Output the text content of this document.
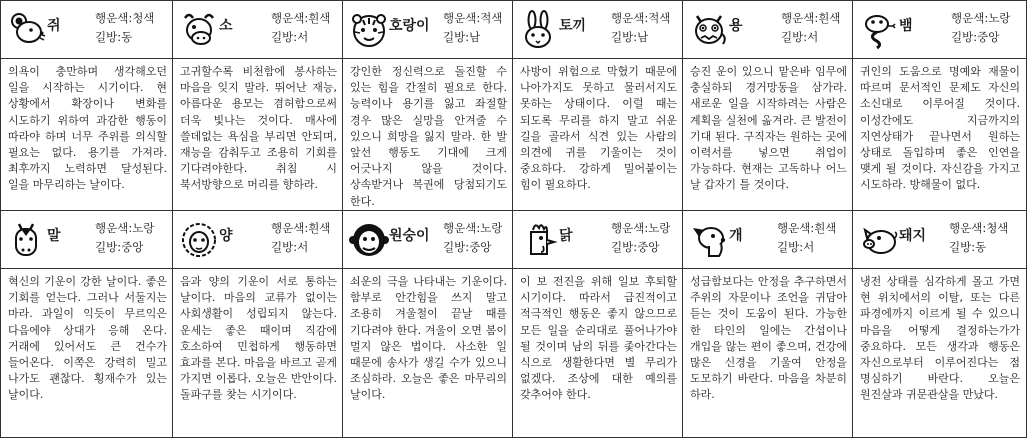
쥐	행운색:청색
길방:동
의욕이 충만하며 생각해오던 일을 시작하는 시기이다. 현 상황에서 확장이나 변화를 시도하기 위하여 과감한 행동이 따라야 하며 너무 주위를 의식할 필요는 없다. 용기를 가져라. 최후까지 노력하면 달성된다. 일을 마무리하는 날이다.
소	행운색:흰색
길방:서
고귀할수록 비천함에 봉사하는 마음을 잊지 말라. 뛰어난 재능, 아름다운 용모는 겸허함으로써 더욱 빛나는 것이다. 매사에 쓸데없는 욕심을 부리면 안되며, 재능을 감춰두고 조용히 기회를 기다려야한다. 취침 시 북서방향으로 머리를 향하라.
호랑이 행운색:적색
길방:남
강인한 정신력으로 돌진할 수 있는 힘을 간절히 필요로 한다. 능력이나 용기를 잃고 좌절할 경우 많은 실망을 안겨줄 수 있으니 희망을 잃지 말라. 한 발 앞선 행동도 기대에 크게 어긋나지 않을 것이다. 상속받거나 복권에 당첨되기도 한다.
토끼 행운색:적색
길방:남
사방이 위험으로 막혔기 때문에 나아가지도 못하고 물러서지도 못하는 상태이다. 이럴 때는 되도록 무리를 하지 말고 쉬운 길을 골라서 식견 있는 사람의 의견에 귀를 기울이는 것이 중요하다. 강하게 밀어붙이는 힘이 필요하다.
용	행운색:흰색
길방:서
승진 운이 있으니 맡은바 임무에 충실하되 경거망동을 삼가라. 새로운 일을 시작하려는 사람은 계획을 실천에 옮겨라. 큰 발전이 기대 된다. 구직자는 원하는 곳에 이력서를 넣으면 취업이 가능하다. 현재는 고독하나 어느 날 갑자기 틀 것이다.
뱀	행운색:노랑
길방:중앙
귀인의 도움으로 명예와 재물이 따르며 문서적인 문제도 자신의 소신대로 이루어질 것이다. 이성간에도 지금까지의 지연상태가 끝나면서 원하는 상태로 돌입하며 좋은 인연을 맺게 될 것이다. 자신감을 가지고 시도하라. 방해물이 없다.
말	행운색:노랑
길방:중앙
혁신의 기운이 강한 날이다. 좋은 기회를 얻는다. 그러나 서둘지는 마라. 과일이 익듯이 무르익은 다음에야 상대가 응해 온다. 거래에 있어서도 큰 건수가 들어온다. 이쪽은 강력히 밀고 나가도 괜찮다. 횡재수가 있는 날이다.
양	행운색:흰색
길방:서
음과 양의 기운이 서로 통하는 날이다. 마음의 교류가 없이는 사회생활이 성립되지 않는다. 운세는 좋은 때이며 직감에 호소하여 민첩하게 행동하면 효과를 본다. 마음을 바르고 곧게 가지면 이롭다. 오늘은 반안이다. 돌파구를 찾는 시기이다.
원숭이 행운색:노랑
길방:중앙
쇠운의 극을 나타내는 기운이다. 함부로 안간힘을 쓰지 말고 조용히 겨울철이 끝날 때를 기다려야 한다. 겨울이 오면 봄이 멀지 않은 법이다. 사소한 일 때문에 송사가 생길 수가 있으니 조심하라. 오늘은 좋은 마무리의 날이다.
닭	행운색:노랑
길방:중앙
이 보 전진을 위해 일보 후퇴할 시기이다. 따라서 급진적이고 적극적인 행동은 좋지 않으므로 모든 일을 순리대로 풀어나가야 될 것이며 남의 뒤를 좇아간다는 식으로 생활한다면 별 무리가 없겠다. 조상에 대한 예의를 갖추어야 한다.
개	행운색:흰색
길방:서
성급함보다는 안정을 추구하면서 주위의 자문이나 조언을 귀담아 듣는 것이 도움이 된다. 가능한 한 타인의 일에는 간섭이나 개입을 않는 편이 좋으며, 건강에 많은 신경을 기울여 안정을 도모하기 바란다. 마음을 차분히 하라.
돼지 행운색:청색
길방:동
냉전 상태를 심각하게 몰고 가면 현 위치에서의 이탈, 또는 다른 파경에까지 이르게 될 수 있으니 마음을 어떻게 결정하는가가 중요하다. 모든 생각과 행동은 자신으로부터 이루어진다는 점 명심하기 바란다. 오늘은 원진살과 귀문관살을 만났다.
